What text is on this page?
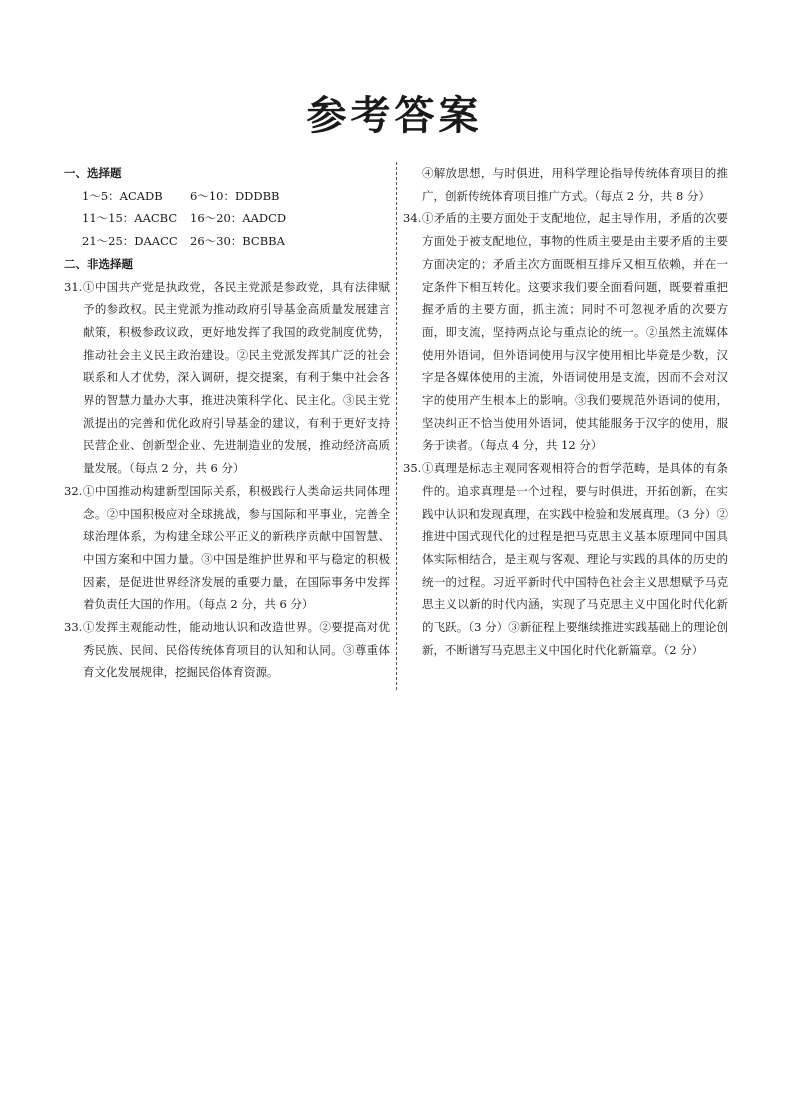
参考答案
一、选择题
1～5：ACADB	6～10：DDDBB
11～15：AACBC	16～20：AADCD
21～25：DAACC	26～30：BCBBA
二、非选择题
31. ①中国共产党是执政党，各民主党派是参政党，具有法律赋予的参政权。民主党派为推动政府引导基金高质量发展建言献策，积极参政议政，更好地发挥了我国的政党制度优势，推动社会主义民主政治建设。②民主党派发挥其广泛的社会联系和人才优势，深入调研，提交提案，有利于集中社会各界的智慧力量办大事，推进决策科学化、民主化。③民主党派提出的完善和优化政府引导基金的建议，有利于更好支持民营企业、创新型企业、先进制造业的发展，推动经济高质量发展。（每点 2 分，共 6 分）
32. ①中国推动构建新型国际关系，积极践行人类命运共同体理念。②中国积极应对全球挑战，参与国际和平事业，完善全球治理体系，为构建全球公平正义的新秩序贡献中国智慧、中国方案和中国力量。③中国是维护世界和平与稳定的积极因素，是促进世界经济发展的重要力量，在国际事务中发挥着负责任大国的作用。（每点 2 分，共 6 分）
33. ①发挥主观能动性，能动地认识和改造世界。②要提高对优秀民族、民间、民俗传统体育项目的认知和认同。③尊重体育文化发展规律，挖掘民俗体育资源。
④解放思想，与时俱进，用科学理论指导传统体育项目的推广，创新传统体育项目推广方式。（每点 2 分，共 8 分）
34. ①矛盾的主要方面处于支配地位，起主导作用，矛盾的次要方面处于被支配地位，事物的性质主要是由主要矛盾的主要方面决定的；矛盾主次方面既相互排斥又相互依赖，并在一定条件下相互转化。这要求我们要全面看问题，既要着重把握矛盾的主要方面，抓主流；同时不可忽视矛盾的次要方面，即支流，坚持两点论与重点论的统一。②虽然主流媒体使用外语词，但外语词使用与汉字使用相比毕竟是少数，汉字是各媒体使用的主流，外语词使用是支流，因而不会对汉字的使用产生根本上的影响。③我们要规范外语词的使用，坚决纠正不恰当使用外语词，使其能服务于汉字的使用，服务于读者。（每点 4 分，共 12 分）
35. ①真理是标志主观同客观相符合的哲学范畴，是具体的有条件的。追求真理是一个过程，要与时俱进，开拓创新，在实践中认识和发现真理，在实践中检验和发展真理。（3 分）②推进中国式现代化的过程是把马克思主义基本原理同中国具体实际相结合，是主观与客观、理论与实践的具体的历史的统一的过程。习近平新时代中国特色社会主义思想赋予马克思主义以新的时代内涵，实现了马克思主义中国化时代化新的飞跃。（3 分）③新征程上要继续推进实践基础上的理论创新，不断谱写马克思主义中国化时代化新篇章。（2 分）
